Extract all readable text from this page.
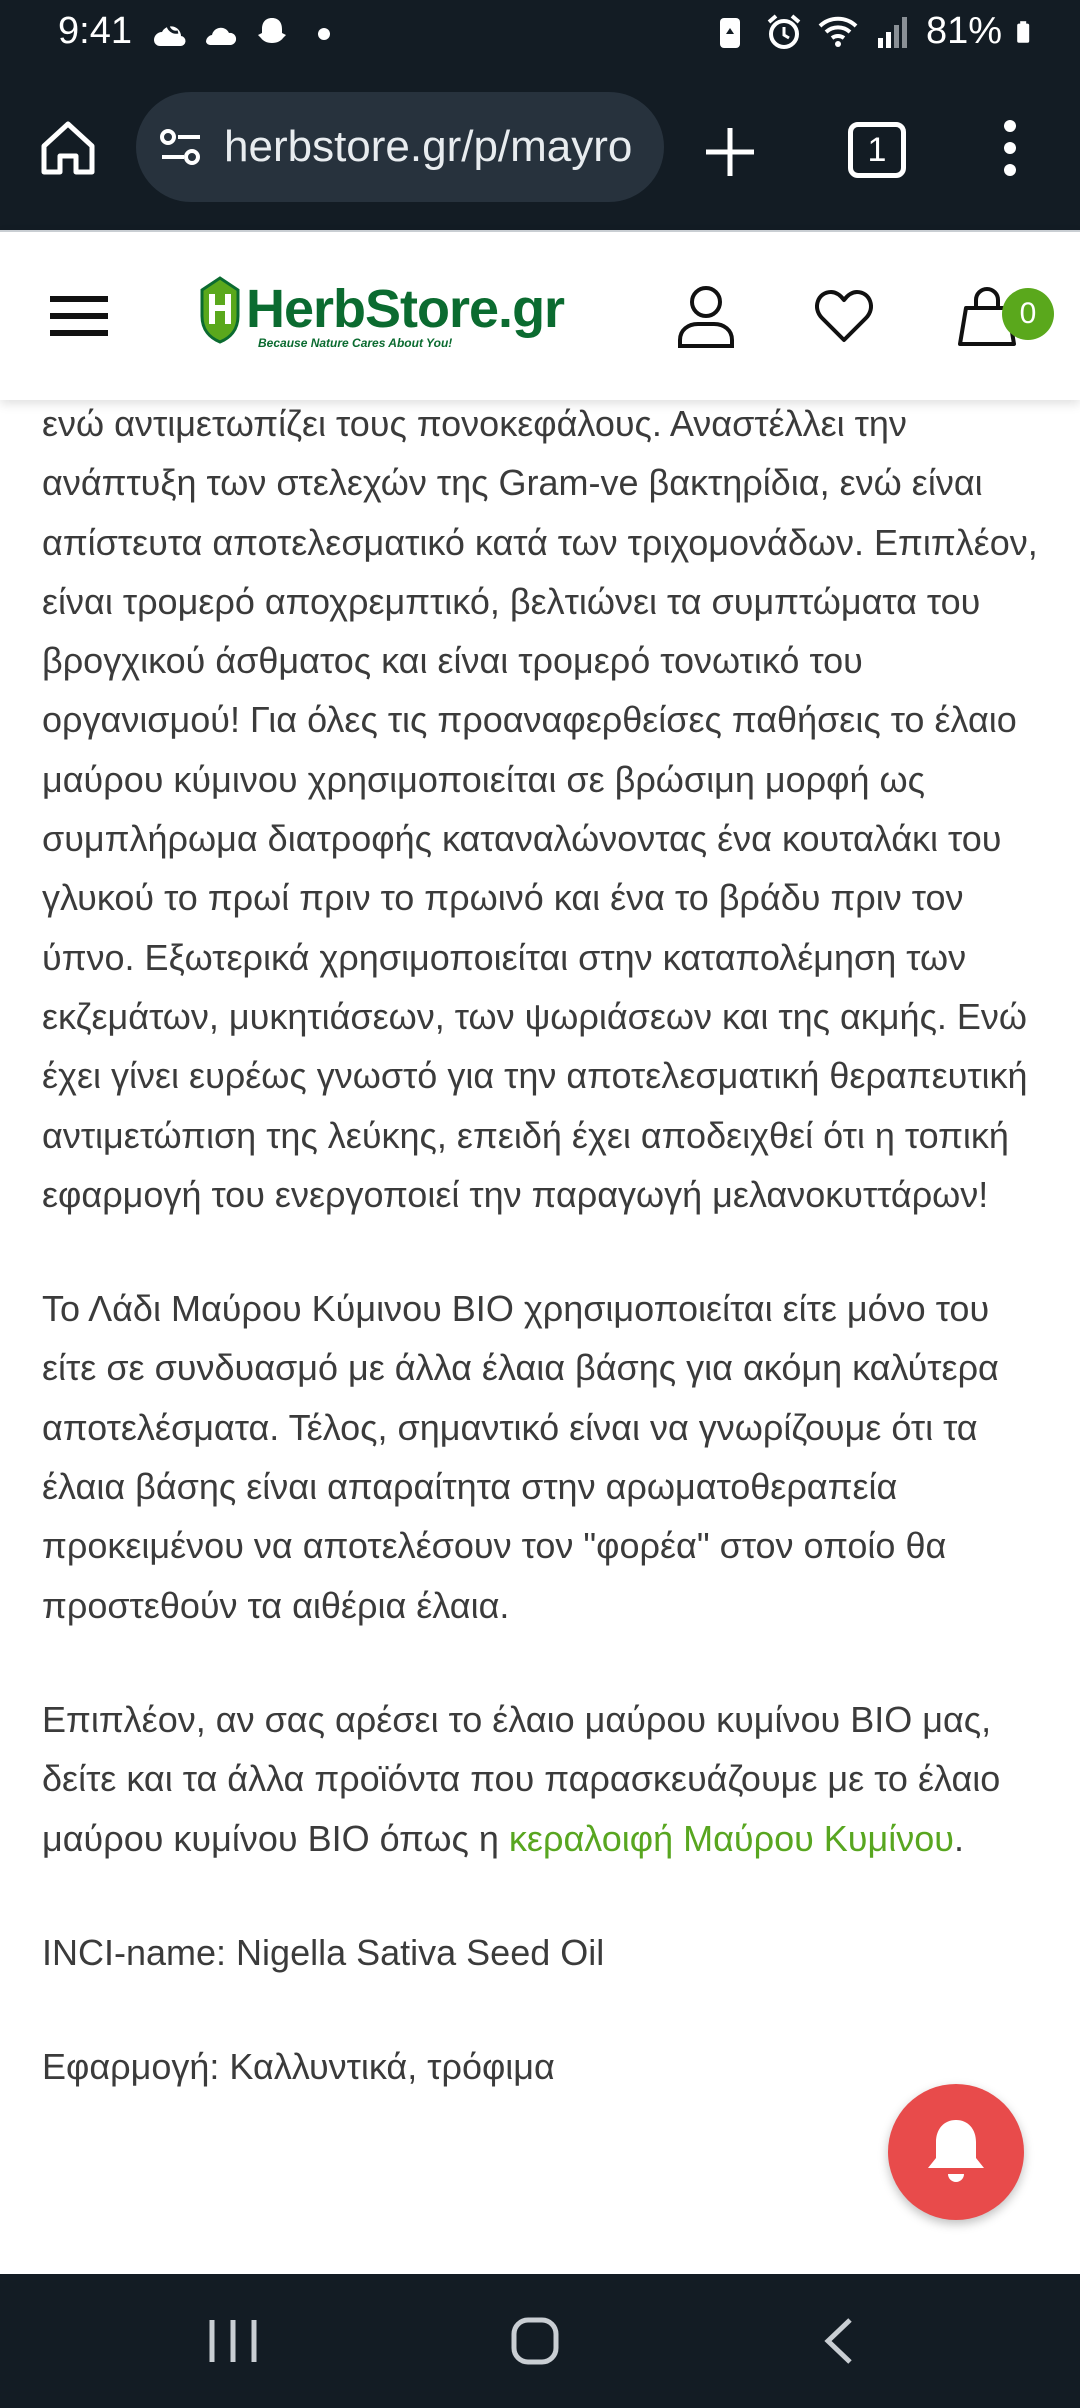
9:41	81%
herbstore.gr/p/mayro	1
HerbStore.gr
Because Nature Cares About You!
0

ενώ αντιμετωπίζει τους πονοκεφάλους. Αναστέλλει την ανάπτυξη των στελεχών της Gram-ve βακτηρίδια, ενώ είναι απίστευτα αποτελεσματικό κατά των τριχομονάδων. Επιπλέον, είναι τρομερό αποχρεμπτικό, βελτιώνει τα συμπτώματα του βρογχικού άσθματος και είναι τρομερό τονωτικό του οργανισμού! Για όλες τις προαναφερθείσες παθήσεις το έλαιο μαύρου κύμινου χρησιμοποιείται σε βρώσιμη μορφή ως συμπλήρωμα διατροφής καταναλώνοντας ένα κουταλάκι του γλυκού το πρωί πριν το πρωινό και ένα το βράδυ πριν τον ύπνο. Εξωτερικά χρησιμοποιείται στην καταπολέμηση των εκζεμάτων, μυκητιάσεων, των ψωριάσεων και της ακμής. Ενώ έχει γίνει ευρέως γνωστό για την αποτελεσματική θεραπευτική αντιμετώπιση της λεύκης, επειδή έχει αποδειχθεί ότι η τοπική εφαρμογή του ενεργοποιεί την παραγωγή μελανοκυττάρων!

Το Λάδι Μαύρου Κύμινου BIO χρησιμοποιείται είτε μόνο του είτε σε συνδυασμό με άλλα έλαια βάσης για ακόμη καλύτερα αποτελέσματα. Τέλος, σημαντικό είναι να γνωρίζουμε ότι τα έλαια βάσης είναι απαραίτητα στην αρωματοθεραπεία προκειμένου να αποτελέσουν τον "φορέα" στον οποίο θα προστεθούν τα αιθέρια έλαια.

Επιπλέον, αν σας αρέσει το έλαιο μαύρου κυμίνου BIO μας, δείτε και τα άλλα προϊόντα που παρασκευάζουμε με το έλαιο μαύρου κυμίνου BIO όπως η κεραλοιφή Μαύρου Κυμίνου.

INCI-name: Nigella Sativa Seed Oil

Εφαρμογή: Καλλυντικά, τρόφιμα
